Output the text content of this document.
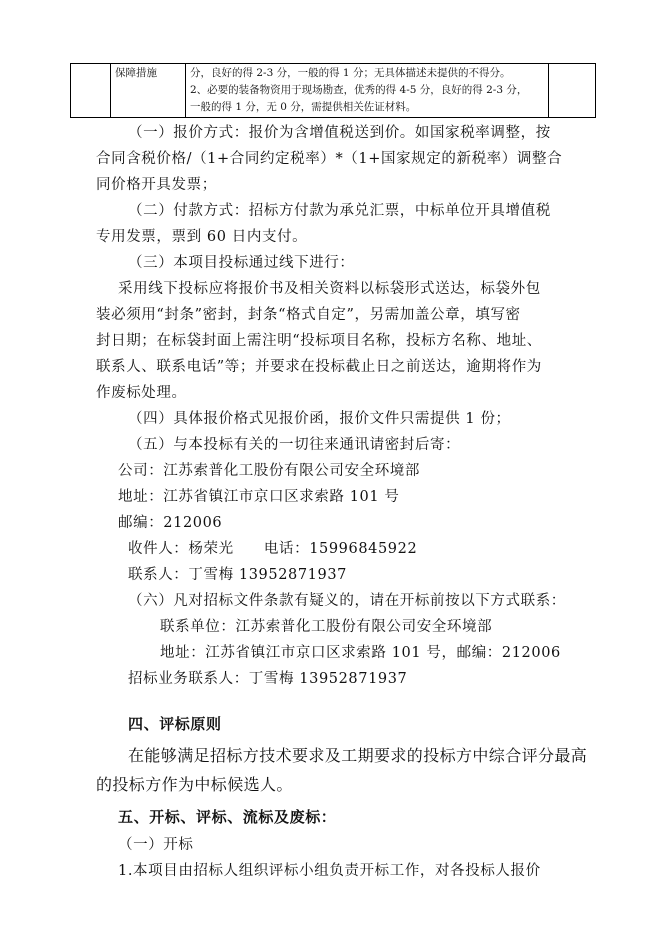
	保障措施	分，良好的得 2-3 分，一般的得 1 分；无具体描述未提供的不得分。
2、必要的装备物资用于现场勘查，优秀的得 4-5 分，良好的得 2-3 分，
一般的得 1 分，无 0 分，需提供相关佐证材料。

（一）报价方式：报价为含增值税送到价。如国家税率调整，按
合同含税价格/（1+合同约定税率）*（1+国家规定的新税率）调整合
同价格开具发票；
（二）付款方式：招标方付款为承兑汇票，中标单位开具增值税
专用发票，票到 60 日内支付。
（三）本项目投标通过线下进行：
采用线下投标应将报价书及相关资料以标袋形式送达，标袋外包
装必须用“封条”密封，封条“格式自定”，另需加盖公章，填写密
封日期；在标袋封面上需注明“投标项目名称，投标方名称、地址、
联系人、联系电话”等；并要求在投标截止日之前送达，逾期将作为
作废标处理。
（四）具体报价格式见报价函，报价文件只需提供 1 份；
（五）与本投标有关的一切往来通讯请密封后寄：
公司：江苏索普化工股份有限公司安全环境部
地址：江苏省镇江市京口区求索路 101 号
邮编：212006
收件人：杨荣光　　电话：15996845922
联系人：丁雪梅 13952871937
（六）凡对招标文件条款有疑义的，请在开标前按以下方式联系：
联系单位：江苏索普化工股份有限公司安全环境部
地址：江苏省镇江市京口区求索路 101 号，邮编：212006
招标业务联系人：丁雪梅 13952871937
四、评标原则
在能够满足招标方技术要求及工期要求的投标方中综合评分最高
的投标方作为中标候选人。
五、开标、评标、流标及废标：
（一）开标
1.本项目由招标人组织评标小组负责开标工作，对各投标人报价
